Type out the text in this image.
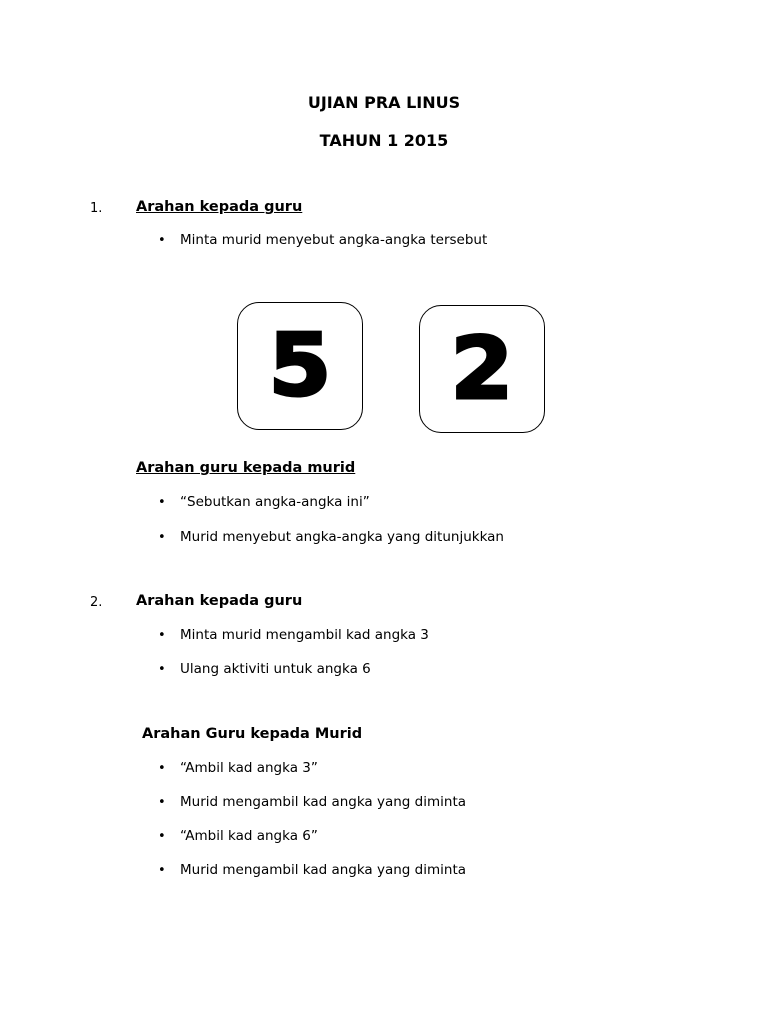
UJIAN PRA LINUS
TAHUN 1 2015
1. Arahan kepada guru
• Minta murid menyebut angka-angka tersebut
5 2
Arahan guru kepada murid
• “Sebutkan angka-angka ini”
• Murid menyebut angka-angka yang ditunjukkan
2. Arahan kepada guru
• Minta murid mengambil kad angka 3
• Ulang aktiviti untuk angka 6
Arahan Guru kepada Murid
• “Ambil kad angka 3”
• Murid mengambil kad angka yang diminta
• “Ambil kad angka 6”
• Murid mengambil kad angka yang diminta
